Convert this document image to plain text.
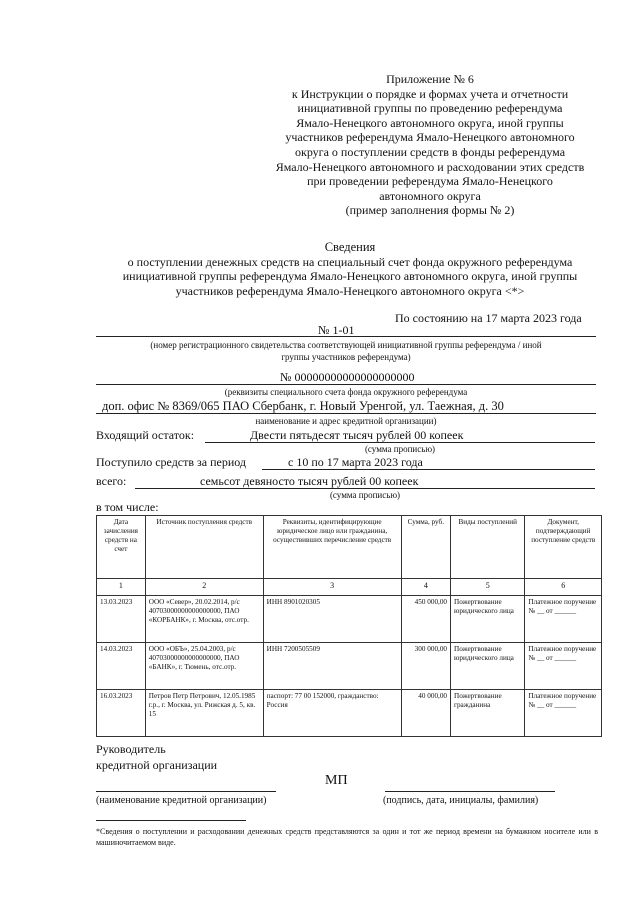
Приложение № 6
к Инструкции о порядке и формах учета и отчетности
инициативной группы по проведению референдума
Ямало-Ненецкого автономного округа, иной группы
участников референдума Ямало-Ненецкого автономного
округа о поступлении средств в фонды референдума
Ямало-Ненецкого автономного и расходовании этих средств
при проведении референдума Ямало-Ненецкого
автономного округа
(пример заполнения формы № 2)
Сведения
о поступлении денежных средств на специальный счет фонда окружного референдума
инициативной группы референдума Ямало-Ненецкого автономного округа, иной группы
участников референдума Ямало-Ненецкого автономного округа <*>
По состоянию на 17 марта 2023 года
№ 1-01
(номер регистрационного свидетельства соответствующей инициативной группы референдума / иной
группы участников референдума)
№ 00000000000000000000
(реквизиты специального счета фонда окружного референдума
доп. офис № 8369/065 ПАО Сбербанк, г. Новый Уренгой, ул. Таежная, д. 30
наименование и адрес кредитной организации)
Входящий остаток:	Двести пятьдесят тысяч рублей 00 копеек
(сумма прописью)
Поступило средств за период	с 10 по 17 марта 2023 года
всего:	семьсот девяносто тысяч рублей 00 копеек
(сумма прописью)
в том числе:
Дата зачисления средств на счет	Источник поступления средств	Реквизиты, идентифицирующие юридическое лицо или гражданина, осуществивших перечисление средств	Сумма, руб.	Виды поступлений	Документ, подтверждающий поступление средств
1	2	3	4	5	6
13.03.2023	ООО «Север», 20.02.2014, р/с 40703000000000000000, ПАО «КОРБАНК», г. Москва, отс.отр.	ИНН 8901020305	450 000,00	Пожертвование юридического лица	Платежное поручение № __ от ______
14.03.2023	ООО «ОБЪ», 25.04.2003, р/с 40703000000000000000, ПАО «БАНК», г. Тюмень, отс.отр.	ИНН 7200505509	300 000,00	Пожертвование юридического лица	Платежное поручение № __ от ______
16.03.2023	Петров Петр Петрович, 12.05.1985 г.р., г. Москва, ул. Рижская д. 5, кв. 15	паспорт: 77 00 152000, гражданство: Россия	40 000,00	Пожертвование гражданина	Платежное поручение № __ от ______
Руководитель
кредитной организации
МП
(наименование кредитной организации)	(подпись, дата, инициалы, фамилия)
*Сведения о поступлении и расходовании денежных средств представляются за один и тот же период времени на бумажном носителе или в машиночитаемом виде.
